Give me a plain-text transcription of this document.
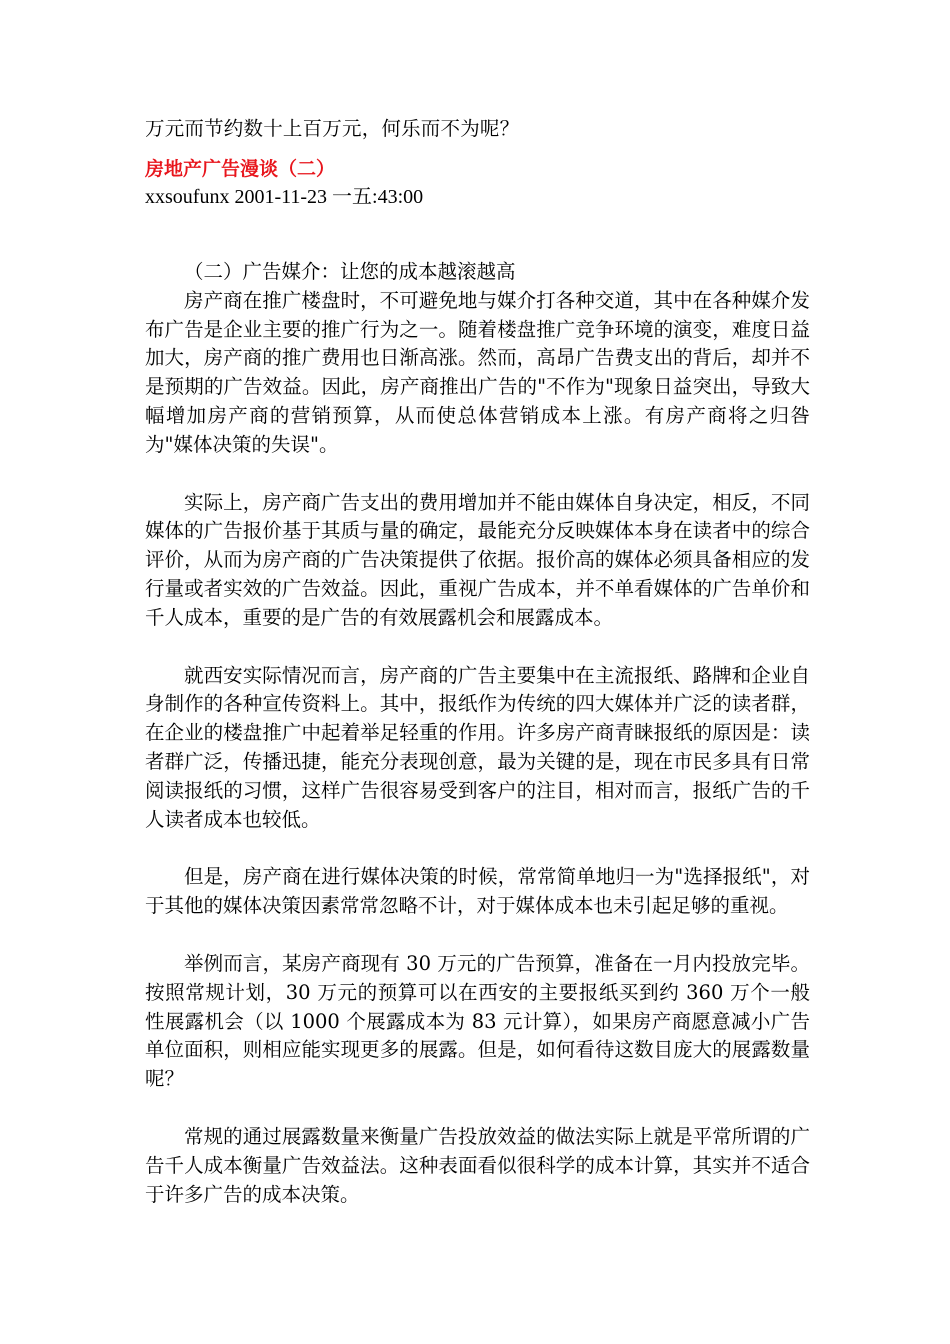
万元而节约数十上百万元，何乐而不为呢？
房地产广告漫谈（二）
xxsoufunx 2001-11-23 一五:43:00

（二）广告媒介：让您的成本越滚越高

房产商在推广楼盘时，不可避免地与媒介打各种交道，其中在各种媒介发布广告是企业主要的推广行为之一。随着楼盘推广竞争环境的演变，难度日益加大，房产商的推广费用也日渐高涨。然而，高昂广告费支出的背后，却并不是预期的广告效益。因此，房产商推出广告的"不作为"现象日益突出，导致大幅增加房产商的营销预算，从而使总体营销成本上涨。有房产商将之归咎为"媒体决策的失误"。

实际上，房产商广告支出的费用增加并不能由媒体自身决定，相反，不同媒体的广告报价基于其质与量的确定，最能充分反映媒体本身在读者中的综合评价，从而为房产商的广告决策提供了依据。报价高的媒体必须具备相应的发行量或者实效的广告效益。因此，重视广告成本，并不单看媒体的广告单价和千人成本，重要的是广告的有效展露机会和展露成本。

就西安实际情况而言，房产商的广告主要集中在主流报纸、路牌和企业自身制作的各种宣传资料上。其中，报纸作为传统的四大媒体并广泛的读者群，在企业的楼盘推广中起着举足轻重的作用。许多房产商青睐报纸的原因是：读者群广泛，传播迅捷，能充分表现创意，最为关键的是，现在市民多具有日常阅读报纸的习惯，这样广告很容易受到客户的注目，相对而言，报纸广告的千人读者成本也较低。

但是，房产商在进行媒体决策的时候，常常简单地归一为"选择报纸"，对于其他的媒体决策因素常常忽略不计，对于媒体成本也未引起足够的重视。

举例而言，某房产商现有 30 万元的广告预算，准备在一月内投放完毕。按照常规计划，30 万元的预算可以在西安的主要报纸买到约 360 万个一般性展露机会（以 1000 个展露成本为 83 元计算），如果房产商愿意减小广告单位面积，则相应能实现更多的展露。但是，如何看待这数目庞大的展露数量呢？

常规的通过展露数量来衡量广告投放效益的做法实际上就是平常所谓的广告千人成本衡量广告效益法。这种表面看似很科学的成本计算，其实并不适合于许多广告的成本决策。
